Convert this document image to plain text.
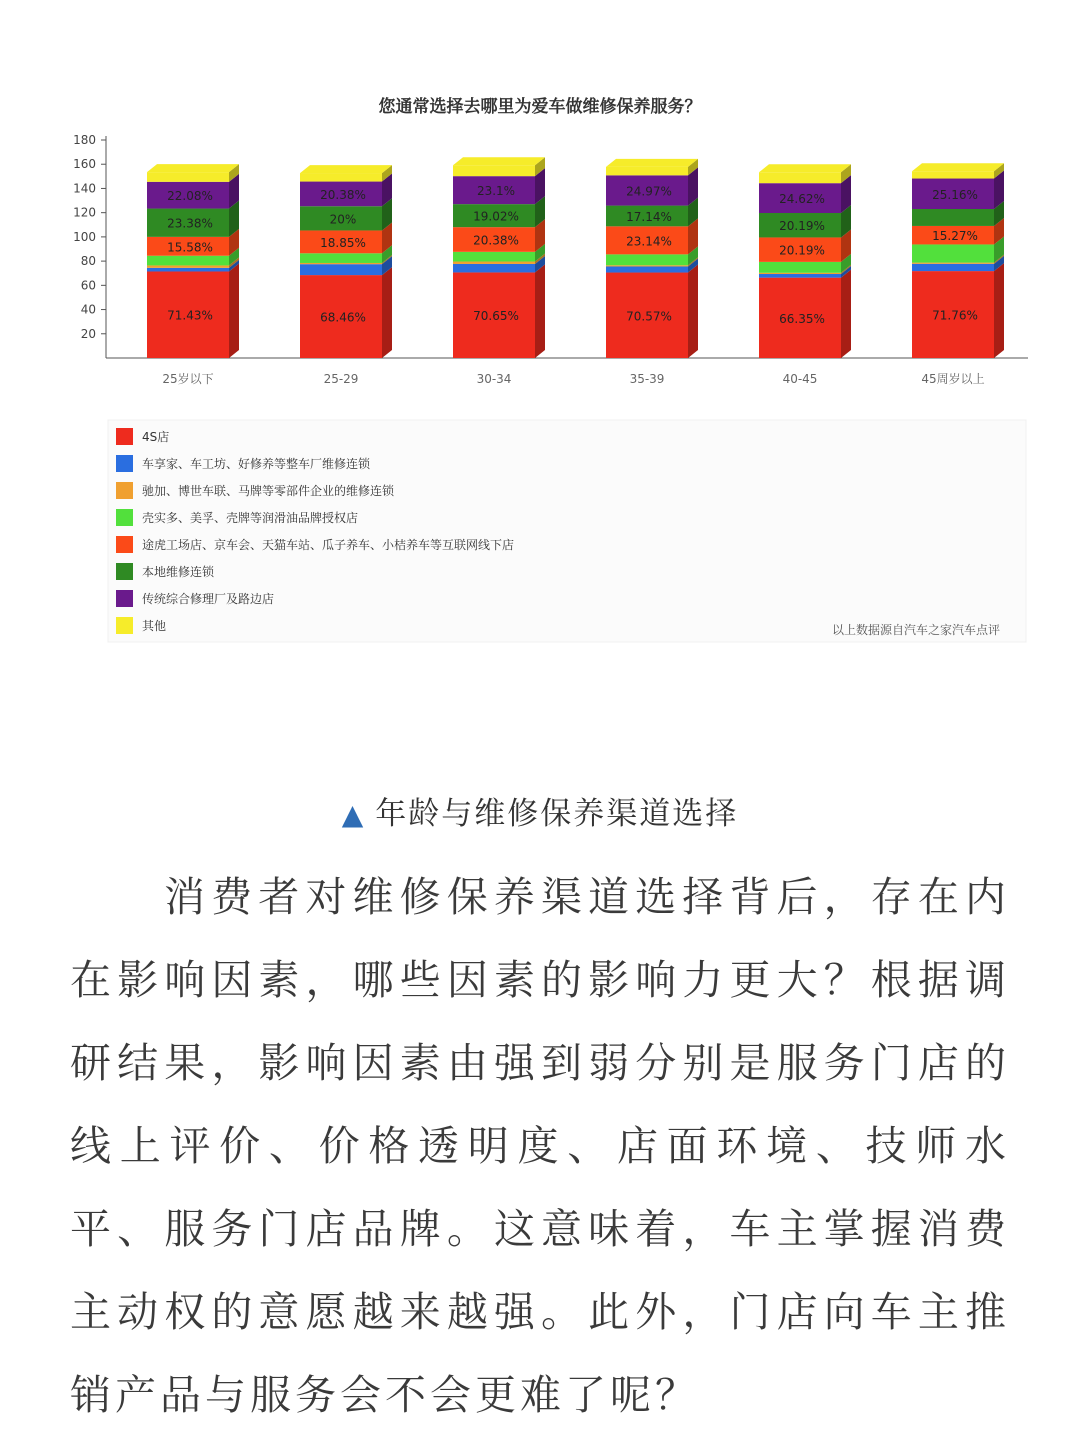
您通常选择去哪里为爱车做维修保养服务？
20
40
60
80
100
120
140
160
180
71.43%
15.58%
23.38%
22.08%
25岁以下
68.46%
18.85%
20%
20.38%
25-29
70.65%
20.38%
19.02%
23.1%
30-34
70.57%
23.14%
17.14%
24.97%
35-39
66.35%
20.19%
20.19%
24.62%
40-45
71.76%
15.27%
25.16%
45周岁以上
4S店
车享家、车工坊、好修养等整车厂维修连锁
驰加、博世车联、马牌等零部件企业的维修连锁
壳实多、美孚、壳牌等润滑油品牌授权店
途虎工场店、京车会、天猫车站、瓜子养车、小桔养车等互联网线下店
本地维修连锁
传统综合修理厂及路边店
其他	以上数据源自汽车之家汽车点评
▲ 年龄与维修保养渠道选择
消费者对维修保养渠道选择背后，存在内在影响因素，哪些因素的影响力更大？根据调研结果，影响因素由强到弱分别是服务门店的线上评价、价格透明度、店面环境、技师水平、服务门店品牌。这意味着，车主掌握消费主动权的意愿越来越强。此外，门店向车主推销产品与服务会不会更难了呢？
